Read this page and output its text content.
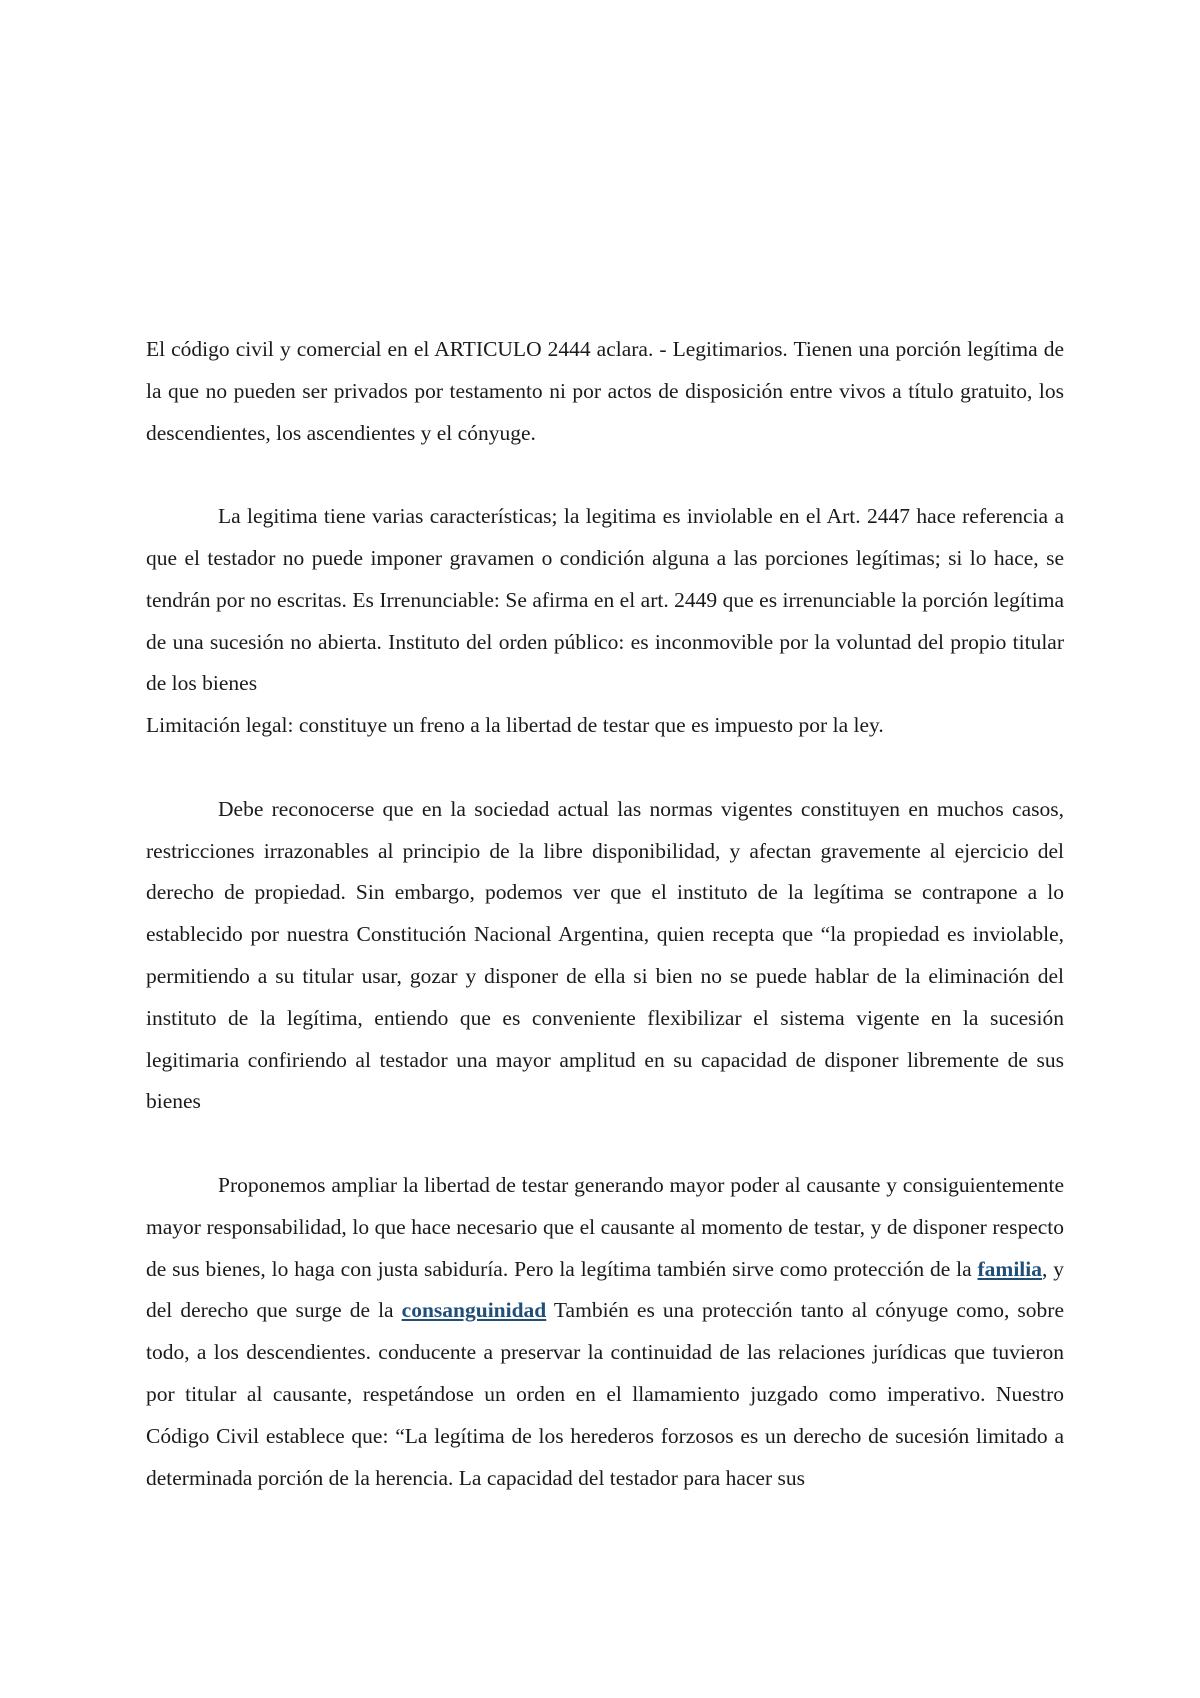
El código civil y comercial en el ARTICULO 2444 aclara. - Legitimarios. Tienen una porción legítima de la que no pueden ser privados por testamento ni por actos de disposición entre vivos a título gratuito, los descendientes, los ascendientes y el cónyuge.

La legitima tiene varias características; la legitima es inviolable en el Art. 2447 hace referencia a que el testador no puede imponer gravamen o condición alguna a las porciones legítimas; si lo hace, se tendrán por no escritas. Es Irrenunciable: Se afirma en el art. 2449 que es irrenunciable la porción legítima de una sucesión no abierta. Instituto del orden público: es inconmovible por la voluntad del propio titular de los bienes

Limitación legal: constituye un freno a la libertad de testar que es impuesto por la ley.

Debe reconocerse que en la sociedad actual las normas vigentes constituyen en muchos casos, restricciones irrazonables al principio de la libre disponibilidad, y afectan gravemente al ejercicio del derecho de propiedad. Sin embargo, podemos ver que el instituto de la legítima se contrapone a lo establecido por nuestra Constitución Nacional Argentina, quien recepta que “la propiedad es inviolable, permitiendo a su titular usar, gozar y disponer de ella si bien no se puede hablar de la eliminación del instituto de la legítima, entiendo que es conveniente flexibilizar el sistema vigente en la sucesión legitimaria confiriendo al testador una mayor amplitud en su capacidad de disponer libremente de sus bienes

Proponemos ampliar la libertad de testar generando mayor poder al causante y consiguientemente mayor responsabilidad, lo que hace necesario que el causante al momento de testar, y de disponer respecto de sus bienes, lo haga con justa sabiduría. Pero la legítima también sirve como protección de la familia, y del derecho que surge de la consanguinidad También es una protección tanto al cónyuge como, sobre todo, a los descendientes. conducente a preservar la continuidad de las relaciones jurídicas que tuvieron por titular al causante, respetándose un orden en el llamamiento juzgado como imperativo. Nuestro Código Civil establece que: “La legítima de los herederos forzosos es un derecho de sucesión limitado a determinada porción de la herencia. La capacidad del testador para hacer sus
